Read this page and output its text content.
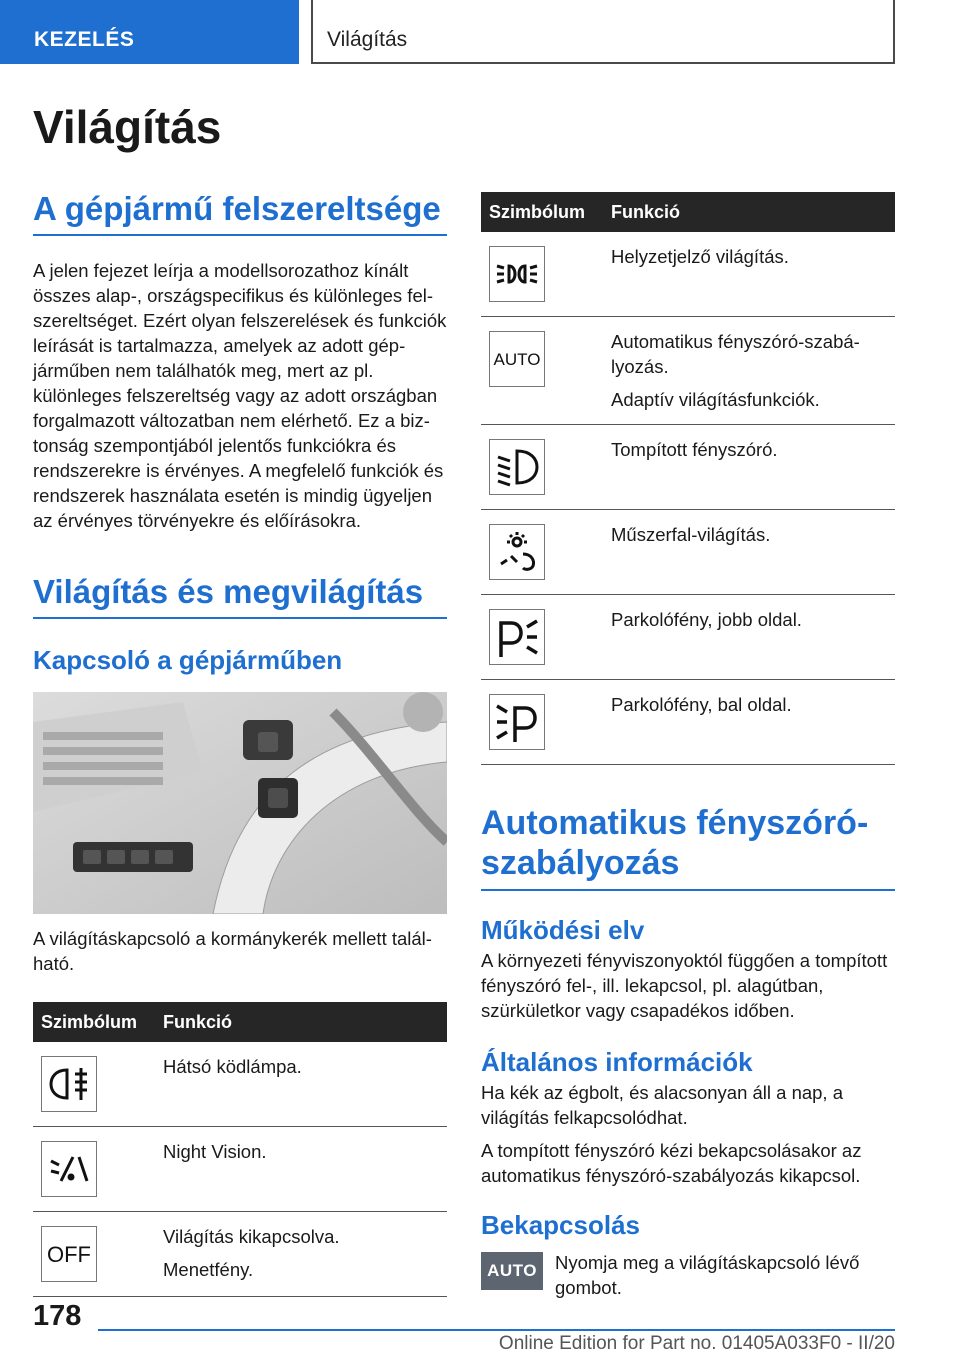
KEZELÉS	Világítás
Világítás
A gépjármű felszereltsége

A jelen fejezet leírja a modellsorozathoz kínált összes alap-, országspecifikus és különleges felszereltséget. Ezért olyan felszerelések és funkciók leírását is tartalmazza, amelyek az adott gépjárműben nem találhatók meg, mert az pl. különleges felszereltség vagy az adott országban forgalmazott változatban nem elérhető. Ez a biztonság szempontjából jelentős funkciókra és rendszerekre is érvényes. A megfelelő funkciók és rendszerek használata esetén is mindig ügyeljen az érvényes törvényekre és előírásokra.

Világítás és megvilágítás
Kapcsoló a gépjárműben

A világításkapcsoló a kormánykerék mellett található.

Szimbólum	Funkció

Hátsó ködlámpa.

Night Vision.

OFF	Világítás kikapcsolva.

Menetfény.

Szimbólum	Funkció

Helyzetjelző világítás.

AUTO	Automatikus fényszóró-szabályozás.

Adaptív világításfunkciók.

Tompított fényszóró.

Műszerfal-világítás.

Parkolófény, jobb oldal.

Parkolófény, bal oldal.

Automatikus fényszóró-szabályozás
Működési elv

A környezeti fényviszonyoktól függően a tompított fényszóró fel-, ill. lekapcsol, pl. alagútban, szürkületkor vagy csapadékos időben.

Általános információk

Ha kék az égbolt, és alacsonyan áll a nap, a világítás felkapcsolódhat.

A tompított fényszóró kézi bekapcsolásakor az automatikus fényszóró-szabályozás kikapcsol.

Bekapcsolás
AUTO Nyomja meg a világításkapcsoló lévő gombot.

178
Online Edition for Part no. 01405A033F0 - II/20
